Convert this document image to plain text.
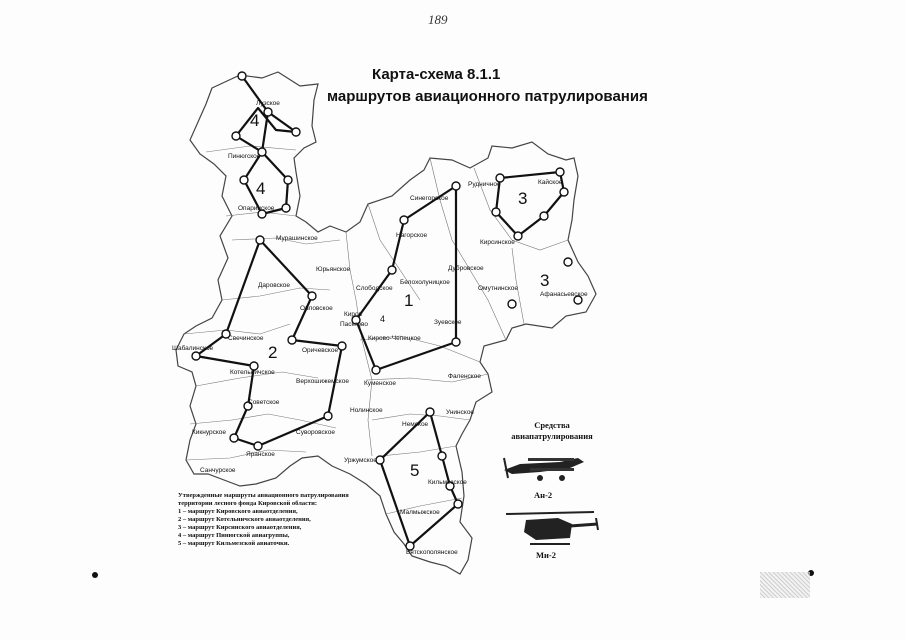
189
Карта-схема 8.1.1
маршрутов авиационного патрулирования
4
4
3
3
1
2
5
4
Лузское
Пинюгское
Опаринское
Мурашинское
Юрьянское
Даровское
Орловское
Свечинское
Шабалинское	Оричевское
Котельничское
Верхошижемское
Советское
Суворовское
Кикнурское
Яранское
Санчурское
Нолинское
Киров
Пасегово
Слободское
Нагорское
Синегорское
Белохолуницкое
Дубровское
Зуевское
Кирово-Чепецкое
Куменское
Фаленское
Рудничное	Кайское
Кирсинское
Омутнинское
Афанасьевское
Унинское
Немское
Уржумское
Кильмезское
Малмыжское
Вятскополянское
Утвержденные маршруты авиационного патрулирования территории лесного фонда Кировской области:
1 – маршрут Кировского авиаотделения,
2 – маршрут Котельничского авиаотделения,
3 – маршрут Кирсинского авиаотделения,
4 – маршрут Пинюгской авиагруппы,
5 – маршрут Кильмезской авиаточки.
Средства
авиапатрулирования
Ан-2
Ми-2
